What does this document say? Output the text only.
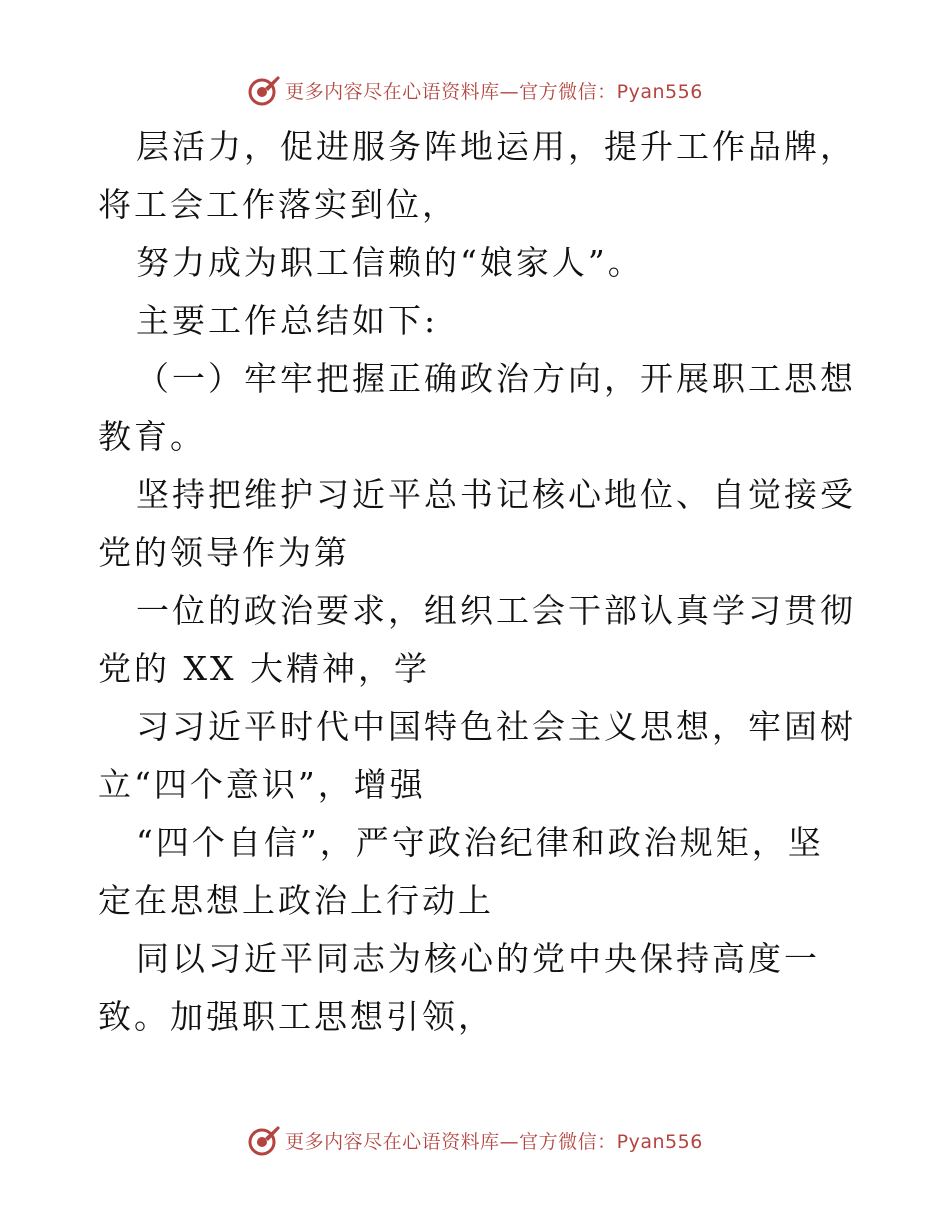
更多内容尽在心语资料库—官方微信：Pyan556

层活力，促进服务阵地运用，提升工作品牌，将工会工作落实到位，

努力成为职工信赖的“娘家人”。

主要工作总结如下:

（一）牢牢把握正确政治方向，开展职工思想教育。

坚持把维护习近平总书记核心地位、自觉接受党的领导作为第

一位的政治要求，组织工会干部认真学习贯彻党的 XX 大精神，学

习习近平时代中国特色社会主义思想，牢固树立“四个意识”，增强

“四个自信”，严守政治纪律和政治规矩，坚定在思想上政治上行动上

同以习近平同志为核心的党中央保持高度一致。加强职工思想引领，

更多内容尽在心语资料库—官方微信：Pyan556
